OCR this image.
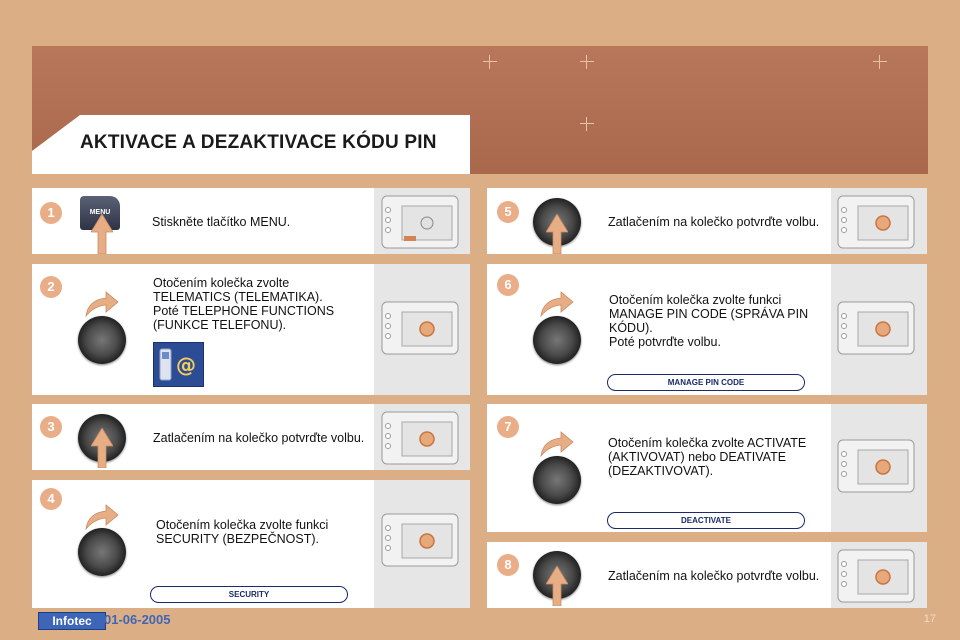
AKTIVACE A DEZAKTIVACE KÓDU PIN
1
2
3
4
5
6
7
8
Stiskněte tlačítko MENU.
Otočením kolečka zvolte
TELEMATICS (TELEMATIKA).
Poté TELEPHONE FUNCTIONS
(FUNKCE TELEFONU).
Zatlačením na kolečko potvrďte volbu.
Otočením kolečka zvolte funkci
SECURITY (BEZPEČNOST).
Zatlačením na kolečko potvrďte volbu.
Otočením kolečka zvolte funkci
MANAGE PIN CODE (SPRÁVA PIN
KÓDU).
Poté potvrďte volbu.
Otočením kolečka zvolte ACTIVATE
(AKTIVOVAT) nebo DEATIVATE
(DEZAKTIVOVAT).
Zatlačením na kolečko potvrďte volbu.
MENU
@
SECURITY
MANAGE PIN CODE
DEACTIVATE
Infotec 01-06-2005	17
